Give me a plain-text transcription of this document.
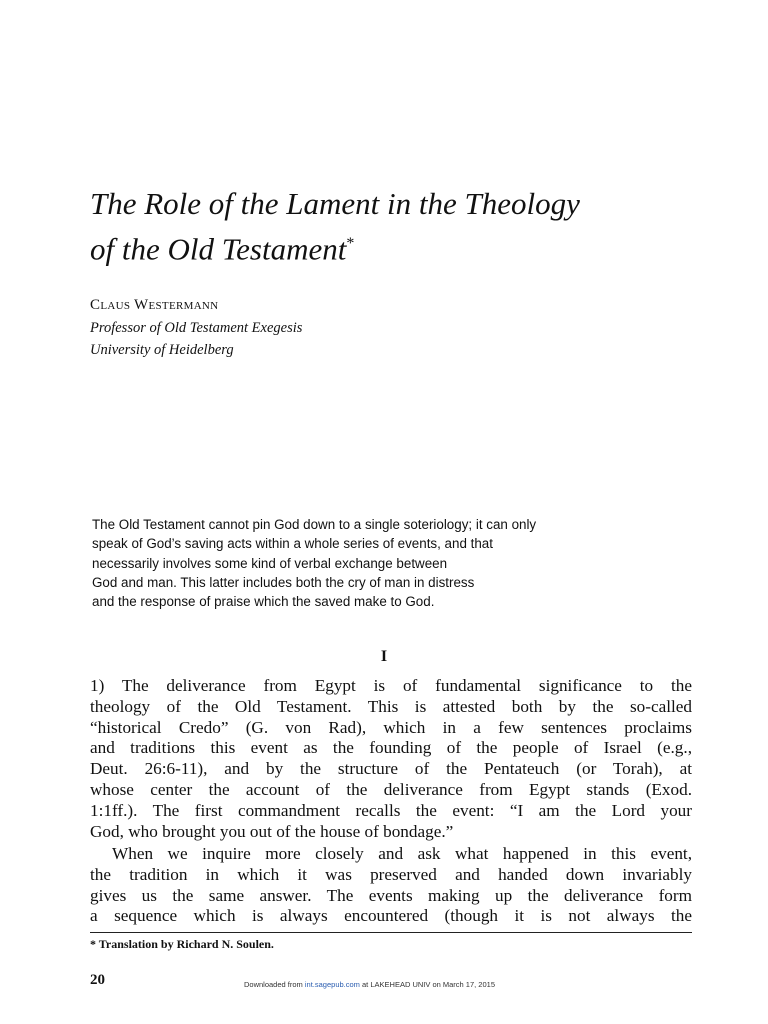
The Role of the Lament in the Theology
of the Old Testament*
Claus Westermann
Professor of Old Testament Exegesis
University of Heidelberg
The Old Testament cannot pin God down to a single soteriology; it can only
speak of God’s saving acts within a whole series of events, and that
necessarily involves some kind of verbal exchange between
God and man. This latter includes both the cry of man in distress
and the response of praise which the saved make to God.
I
1) The deliverance from Egypt is of fundamental significance to the
theology of the Old Testament. This is attested both by the so-called
“historical Credo” (G. von Rad), which in a few sentences proclaims
and traditions this event as the founding of the people of Israel (e.g.,
Deut. 26:6-11), and by the structure of the Pentateuch (or Torah), at
whose center the account of the deliverance from Egypt stands (Exod.
1:1ff.). The first commandment recalls the event: “I am the Lord your
God, who brought you out of the house of bondage.”
When we inquire more closely and ask what happened in this event,
the tradition in which it was preserved and handed down invariably
gives us the same answer. The events making up the deliverance form
a sequence which is always encountered (though it is not always the
* Translation by Richard N. Soulen.
20	Downloaded from int.sagepub.com at LAKEHEAD UNIV on March 17, 2015
